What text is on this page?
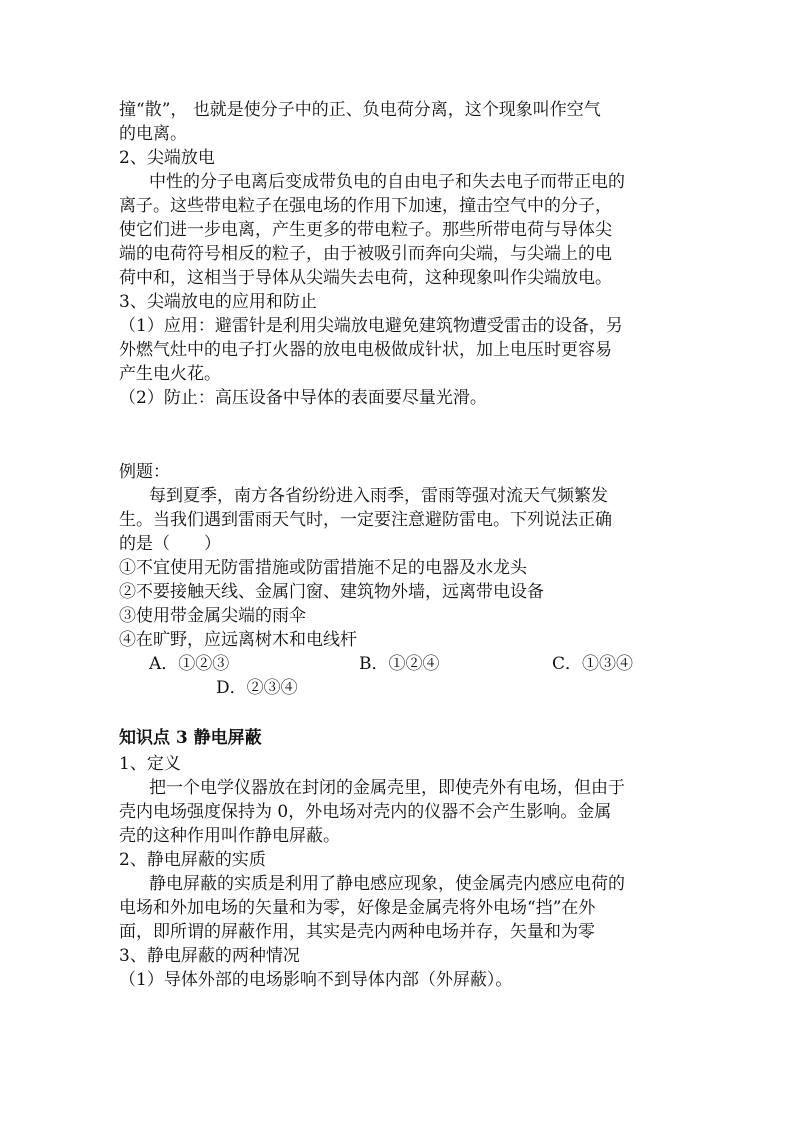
撞“散”， 也就是使分子中的正、负电荷分离，这个现象叫作空气
的电离。
2、尖端放电
中性的分子电离后变成带负电的自由电子和失去电子而带正电的
离子。这些带电粒子在强电场的作用下加速，撞击空气中的分子，
使它们进一步电离，产生更多的带电粒子。那些所带电荷与导体尖
端的电荷符号相反的粒子，由于被吸引而奔向尖端，与尖端上的电
荷中和，这相当于导体从尖端失去电荷，这种现象叫作尖端放电。
3、尖端放电的应用和防止
（1）应用：避雷针是利用尖端放电避免建筑物遭受雷击的设备，另
外燃气灶中的电子打火器的放电电极做成针状，加上电压时更容易
产生电火花。
（2）防止：高压设备中导体的表面要尽量光滑。
例题：
每到夏季，南方各省纷纷进入雨季，雷雨等强对流天气频繁发
生。当我们遇到雷雨天气时，一定要注意避防雷电。下列说法正确
的是（　　）
①不宜使用无防雷措施或防雷措施不足的电器及水龙头
②不要接触天线、金属门窗、建筑物外墙，远离带电设备
③使用带金属尖端的雨伞
④在旷野，应远离树木和电线杆
A．①②③	B．①②④	C．①③④
D．②③④
知识点 3 静电屏蔽
1、定义
把一个电学仪器放在封闭的金属壳里，即使壳外有电场，但由于
壳内电场强度保持为 0，外电场对壳内的仪器不会产生影响。金属
壳的这种作用叫作静电屏蔽。
2、静电屏蔽的实质
静电屏蔽的实质是利用了静电感应现象，使金属壳内感应电荷的
电场和外加电场的矢量和为零，好像是金属壳将外电场“挡”在外
面，即所谓的屏蔽作用，其实是壳内两种电场并存，矢量和为零
3、静电屏蔽的两种情况
（1）导体外部的电场影响不到导体内部（外屏蔽）。
